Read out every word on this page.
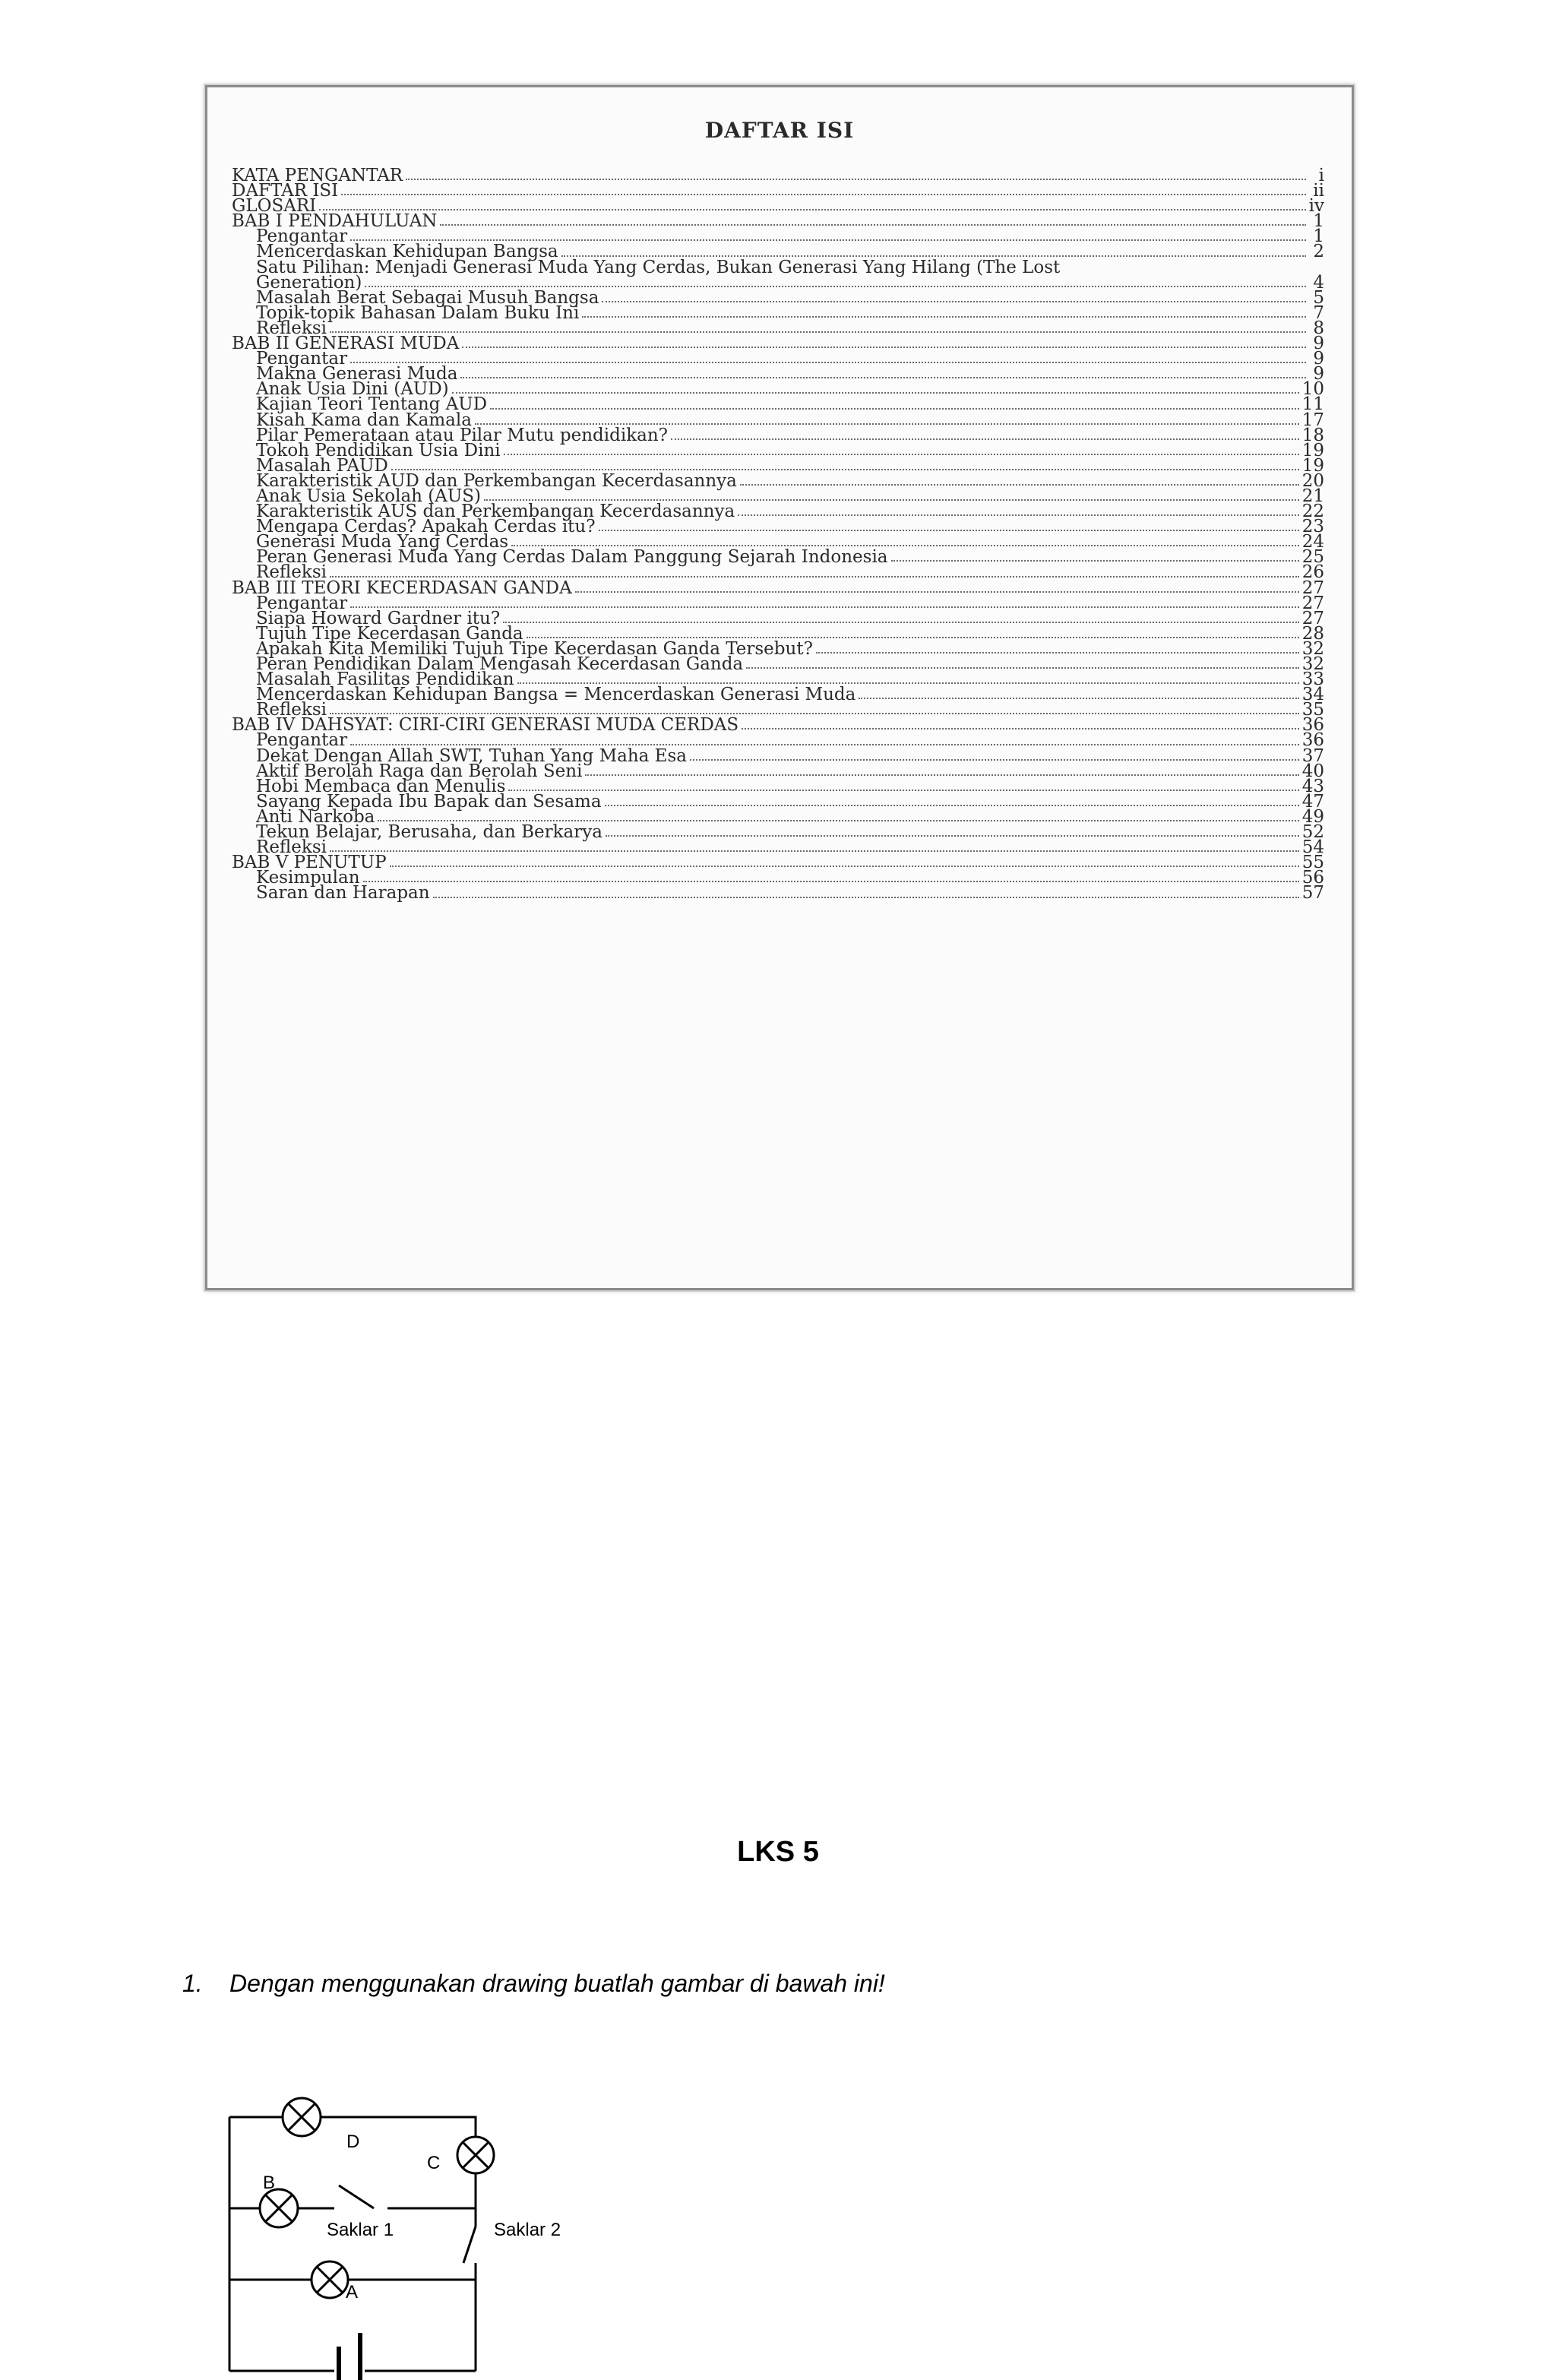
DAFTAR ISI
KATA PENGANTAR	i
DAFTAR ISI	ii
GLOSARI	iv
BAB I PENDAHULUAN	1
Pengantar	1
Mencerdaskan Kehidupan Bangsa	2
Satu Pilihan: Menjadi Generasi Muda Yang Cerdas, Bukan Generasi Yang Hilang (The Lost
Generation)	4
Masalah Berat Sebagai Musuh Bangsa	5
Topik-topik Bahasan Dalam Buku Ini	7
Refleksi	8
BAB II GENERASI MUDA	9
Pengantar	9
Makna Generasi Muda	9
Anak Usia Dini (AUD)	10
Kajian Teori Tentang AUD	11
Kisah Kama dan Kamala	17
Pilar Pemerataan atau Pilar Mutu pendidikan?	18
Tokoh Pendidikan Usia Dini	19
Masalah PAUD	19
Karakteristik AUD dan Perkembangan Kecerdasannya	20
Anak Usia Sekolah (AUS)	21
Karakteristik AUS dan Perkembangan Kecerdasannya	22
Mengapa Cerdas? Apakah Cerdas itu?	23
Generasi Muda Yang Cerdas	24
Peran Generasi Muda Yang Cerdas Dalam Panggung Sejarah Indonesia	25
Refleksi	26
BAB III TEORI KECERDASAN GANDA	27
Pengantar	27
Siapa Howard Gardner itu?	27
Tujuh Tipe Kecerdasan Ganda	28
Apakah Kita Memiliki Tujuh Tipe Kecerdasan Ganda Tersebut?	32
Peran Pendidikan Dalam Mengasah Kecerdasan Ganda	32
Masalah Fasilitas Pendidikan	33
Mencerdaskan Kehidupan Bangsa = Mencerdaskan Generasi Muda	34
Refleksi	35
BAB IV DAHSYAT: CIRI-CIRI GENERASI MUDA CERDAS	36
Pengantar	36
Dekat Dengan Allah SWT, Tuhan Yang Maha Esa	37
Aktif Berolah Raga dan Berolah Seni	40
Hobi Membaca dan Menulis	43
Sayang Kepada Ibu Bapak dan Sesama	47
Anti Narkoba	49
Tekun Belajar, Berusaha, dan Berkarya	52
Refleksi	54
BAB V PENUTUP	55
Kesimpulan	56
Saran dan Harapan	57
LKS 5
1. Dengan menggunakan drawing buatlah gambar di bawah ini!
A
B
C
D
Saklar 1	Saklar 2
